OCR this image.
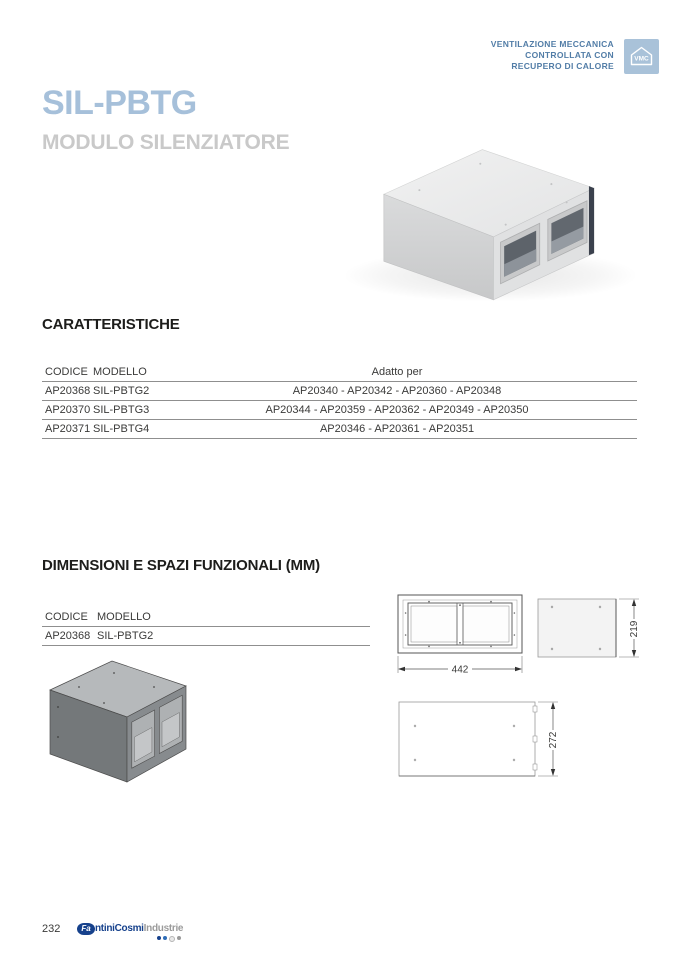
VENTILAZIONE MECCANICA
CONTROLLATA CON
RECUPERO DI CALORE
VMC
SIL-PBTG
MODULO SILENZIATORE
CARATTERISTICHE
CODICE	MODELLO	Adatto per
AP20368	SIL-PBTG2	AP20340 - AP20342 - AP20360 - AP20348
AP20370	SIL-PBTG3	AP20344 - AP20359 - AP20362 - AP20349 - AP20350
AP20371	SIL-PBTG4	AP20346 - AP20361 - AP20351
DIMENSIONI E SPAZI FUNZIONALI (MM)
CODICE	MODELLO
AP20368	SIL-PBTG2
442
219
272
232	Fa ntiniCosmi Industrie
